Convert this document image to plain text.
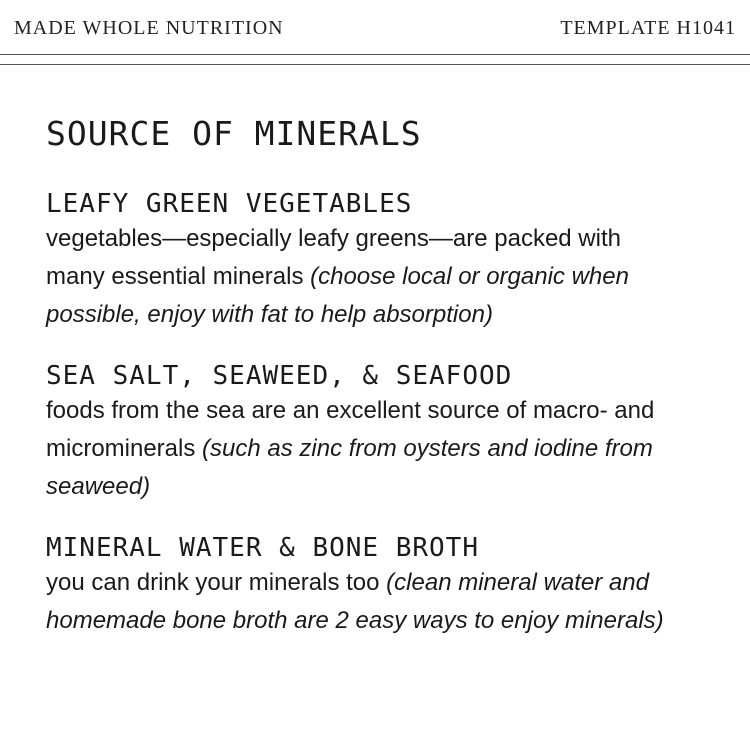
MADE WHOLE NUTRITION	TEMPLATE H1041
SOURCE OF MINERALS
LEAFY GREEN VEGETABLES

vegetables—especially leafy greens—are packed with many essential minerals (choose local or organic when possible, enjoy with fat to help absorption)

SEA SALT, SEAWEED, & SEAFOOD

foods from the sea are an excellent source of macro- and microminerals (such as zinc from oysters and iodine from seaweed)

MINERAL WATER & BONE BROTH

you can drink your minerals too (clean mineral water and homemade bone broth are 2 easy ways to enjoy minerals)
